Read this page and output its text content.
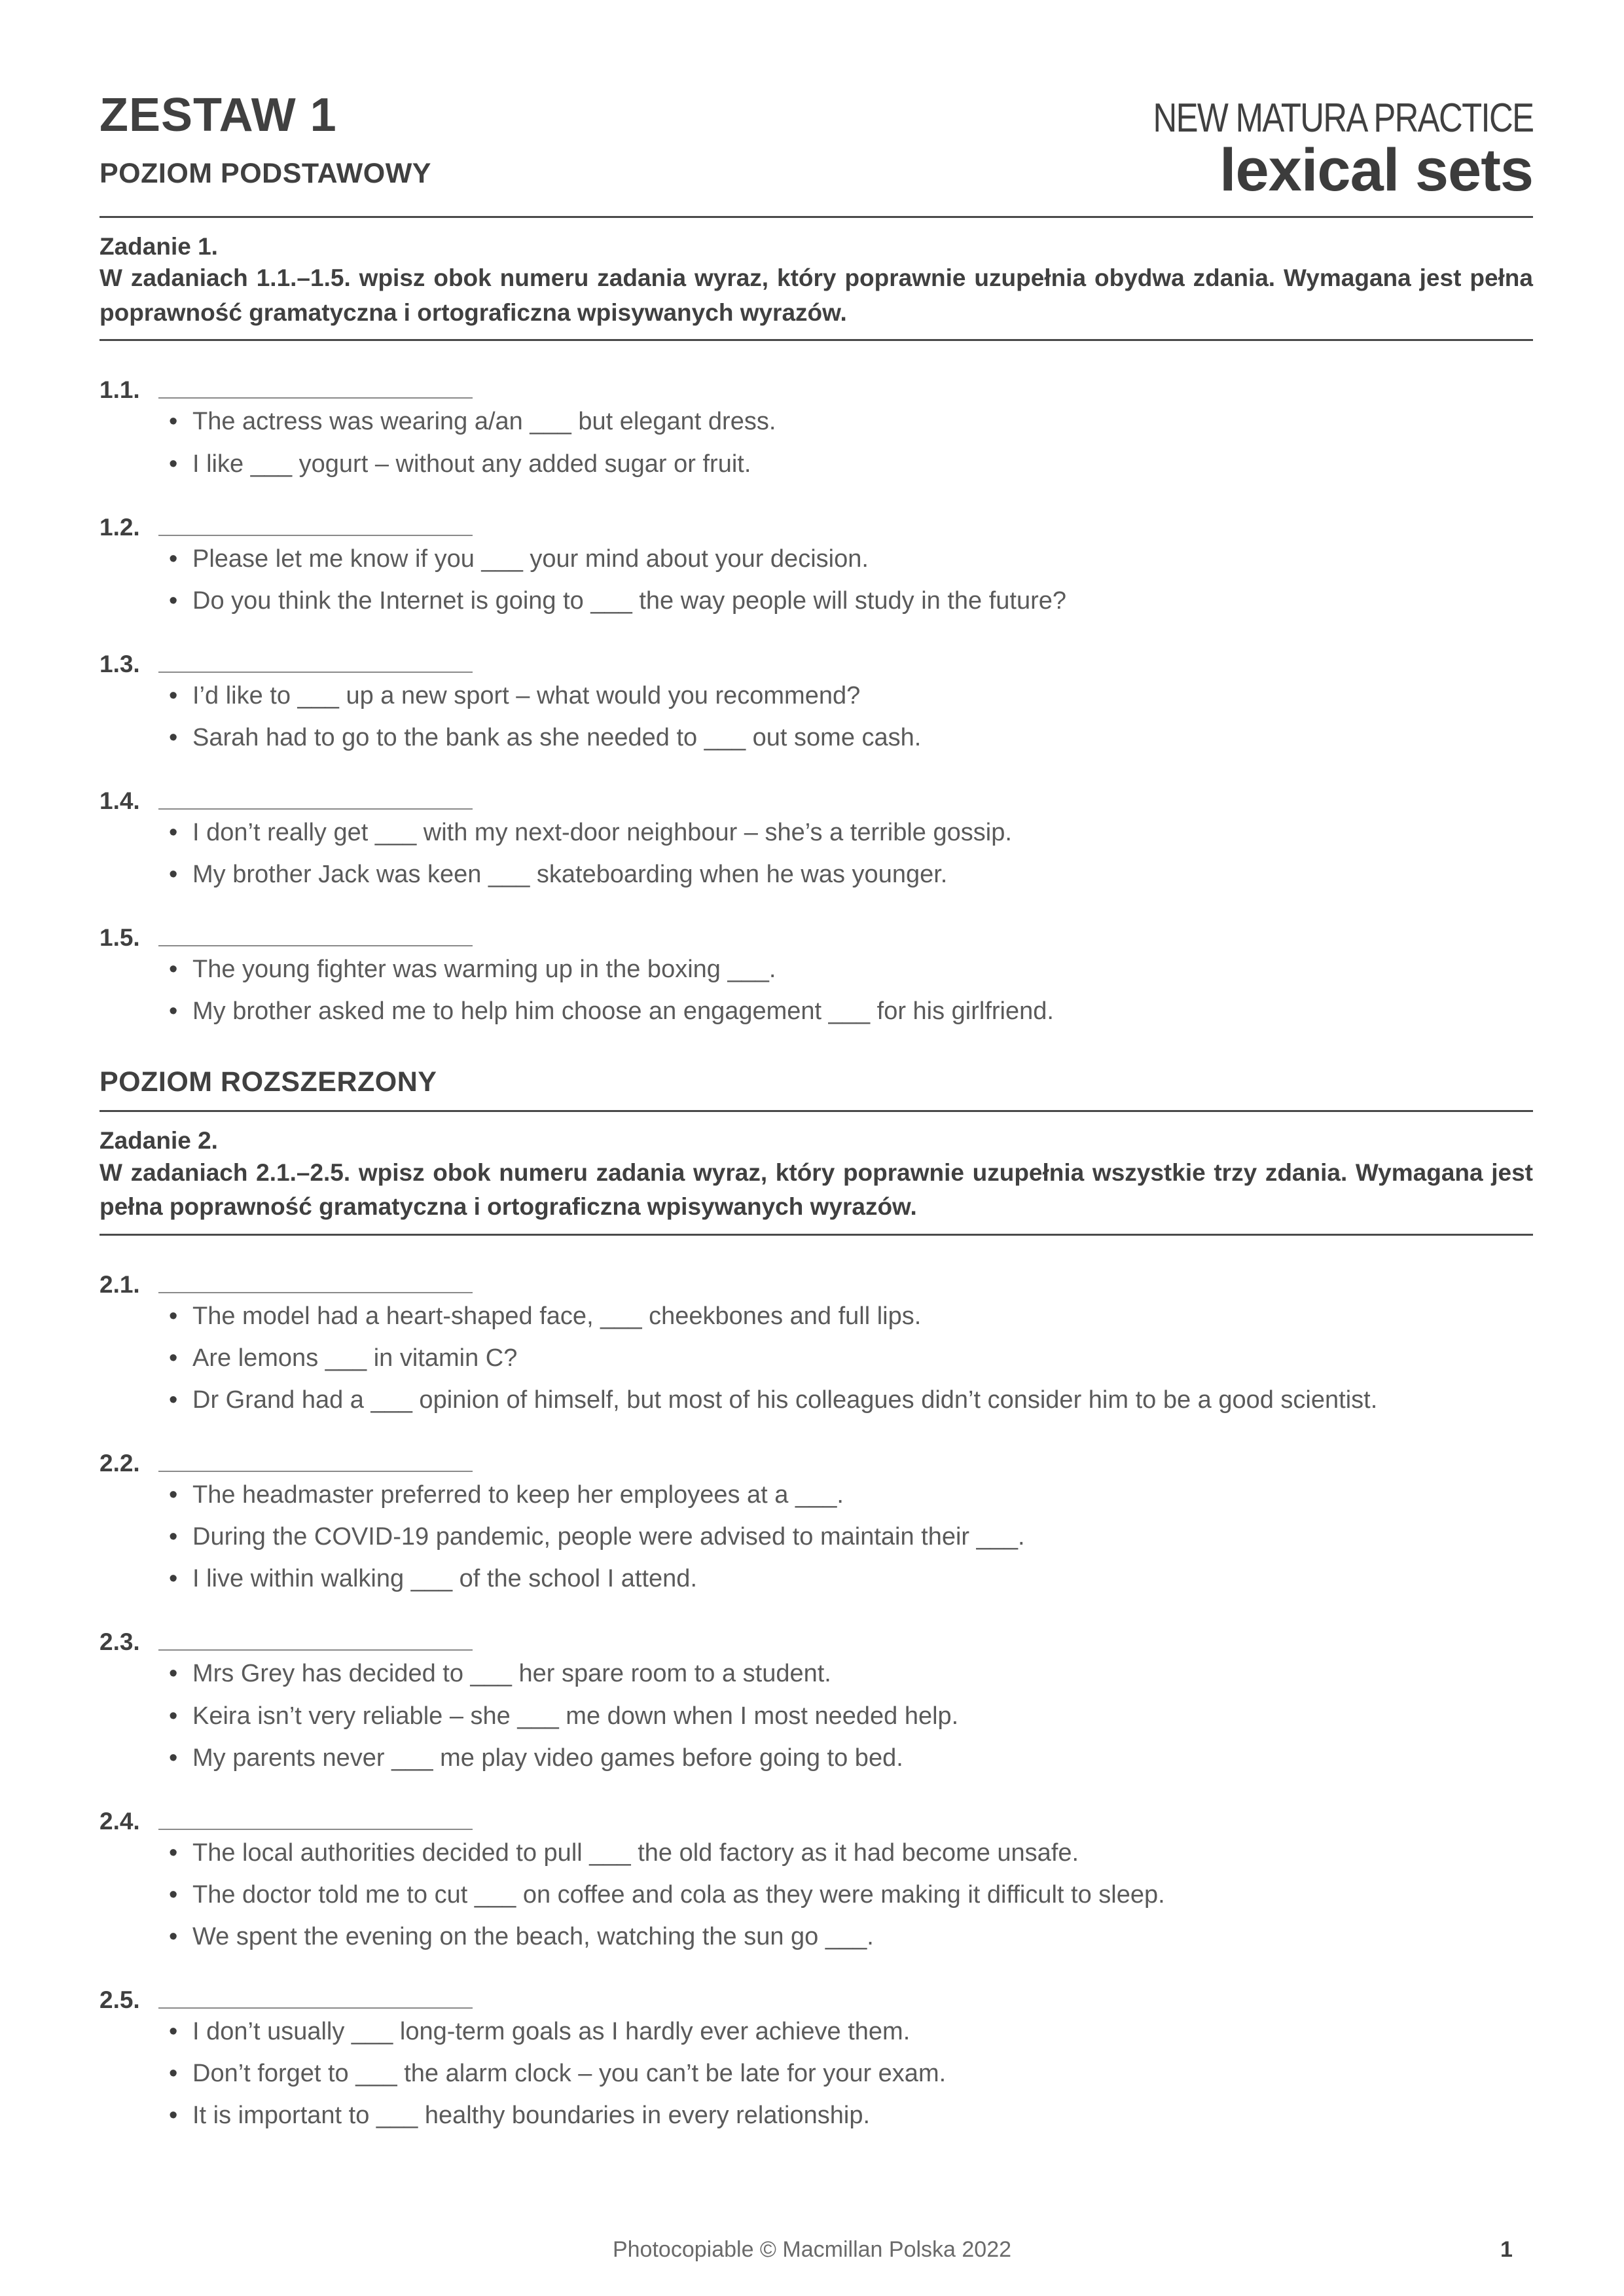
ZESTAW 1
POZIOM PODSTAWOWY
NEW MATURA PRACTICE
lexical sets
Zadanie 1.
W zadaniach 1.1.–1.5. wpisz obok numeru zadania wyraz, który poprawnie uzupełnia obydwa zdania. Wymagana jest pełna poprawność gramatyczna i ortograficzna wpisywanych wyrazów.
1.1.
• The actress was wearing a/an ___ but elegant dress.
• I like ___ yogurt – without any added sugar or fruit.
1.2.
• Please let me know if you ___ your mind about your decision.
• Do you think the Internet is going to ___ the way people will study in the future?
1.3.
• I’d like to ___ up a new sport – what would you recommend?
• Sarah had to go to the bank as she needed to ___ out some cash.
1.4.
• I don’t really get ___ with my next-door neighbour – she’s a terrible gossip.
• My brother Jack was keen ___ skateboarding when he was younger.
1.5.
• The young fighter was warming up in the boxing ___.
• My brother asked me to help him choose an engagement ___ for his girlfriend.
POZIOM ROZSZERZONY
Zadanie 2.
W zadaniach 2.1.–2.5. wpisz obok numeru zadania wyraz, który poprawnie uzupełnia wszystkie trzy zdania. Wymagana jest pełna poprawność gramatyczna i ortograficzna wpisywanych wyrazów.
2.1.
• The model had a heart-shaped face, ___ cheekbones and full lips.
• Are lemons ___ in vitamin C?
• Dr Grand had a ___ opinion of himself, but most of his colleagues didn’t consider him to be a good scientist.
2.2.
• The headmaster preferred to keep her employees at a ___.
• During the COVID-19 pandemic, people were advised to maintain their ___.
• I live within walking ___ of the school I attend.
2.3.
• Mrs Grey has decided to ___ her spare room to a student.
• Keira isn’t very reliable – she ___ me down when I most needed help.
• My parents never ___ me play video games before going to bed.
2.4.
• The local authorities decided to pull ___ the old factory as it had become unsafe.
• The doctor told me to cut ___ on coffee and cola as they were making it difficult to sleep.
• We spent the evening on the beach, watching the sun go ___.
2.5.
• I don’t usually ___ long-term goals as I hardly ever achieve them.
• Don’t forget to ___ the alarm clock – you can’t be late for your exam.
• It is important to ___ healthy boundaries in every relationship.
Photocopiable © Macmillan Polska 2022	1
